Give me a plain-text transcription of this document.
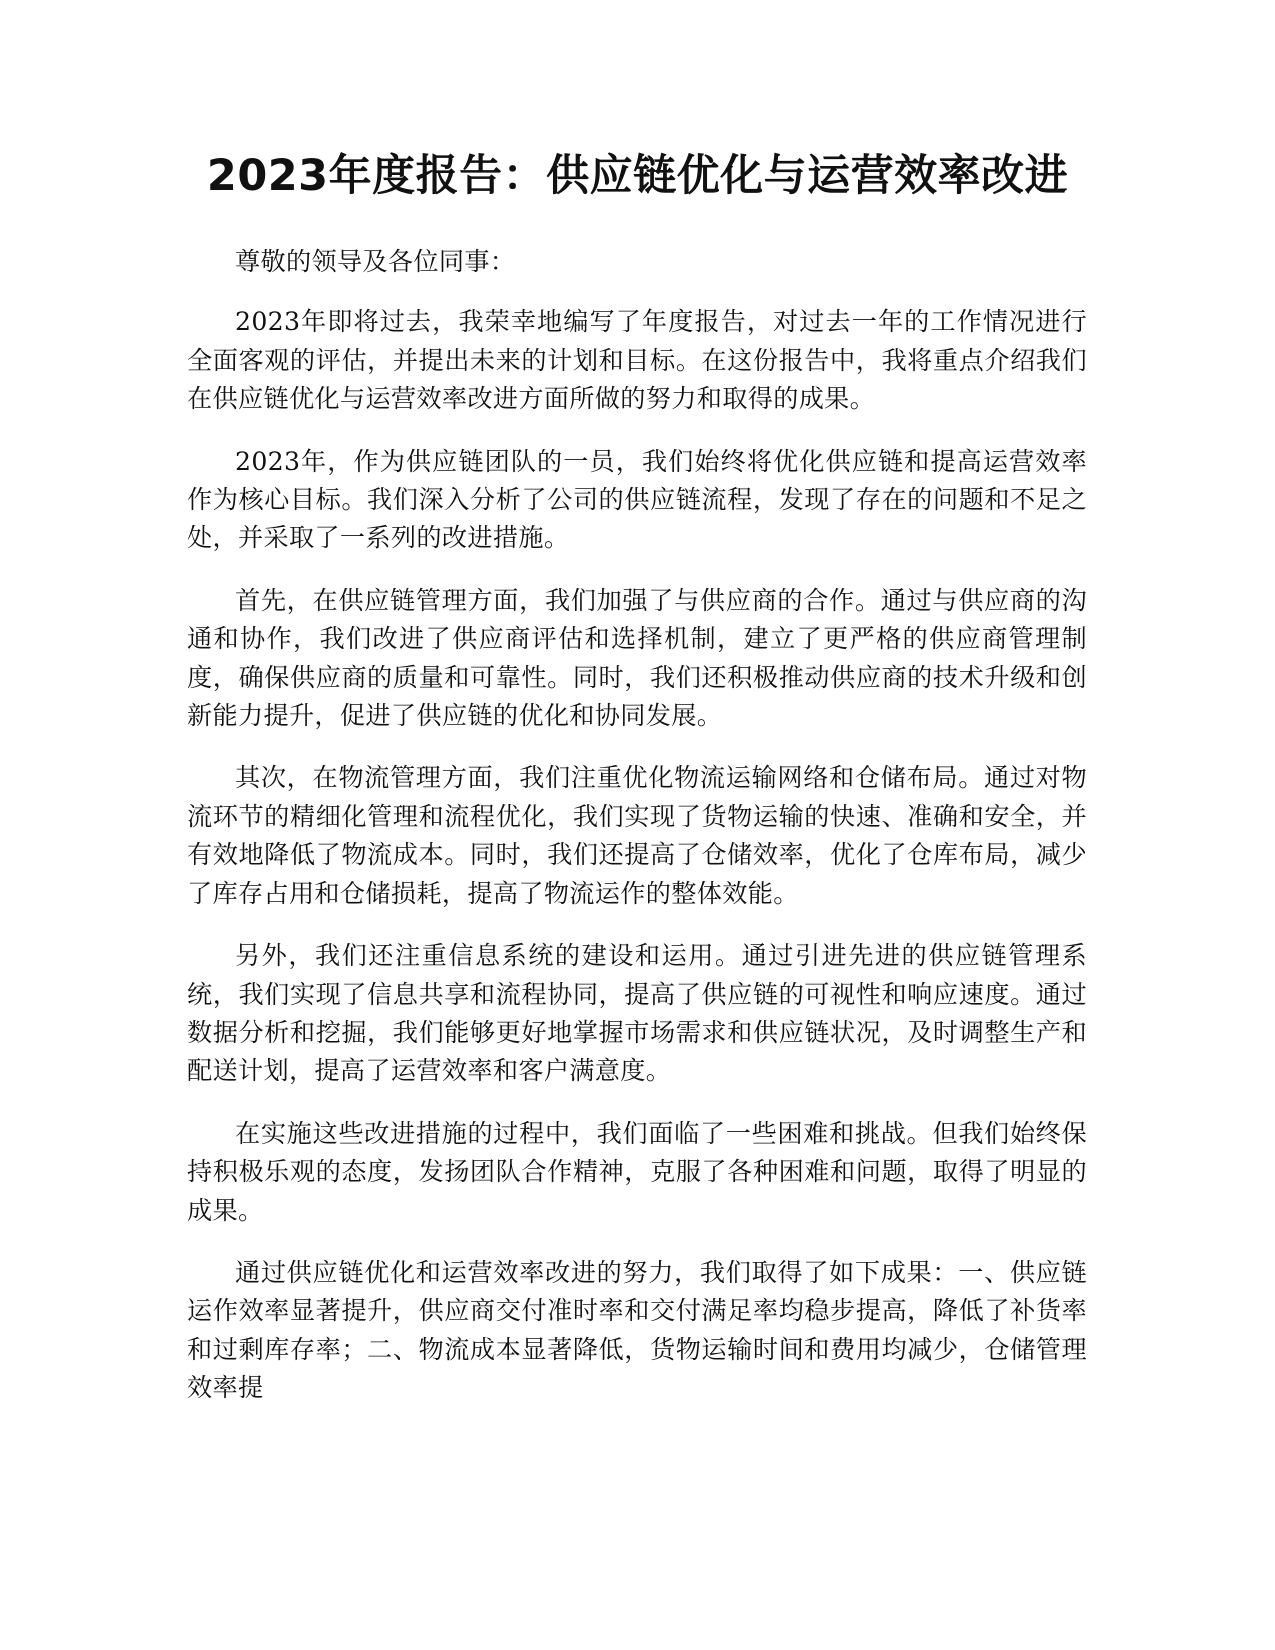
2023年度报告：供应链优化与运营效率改进

尊敬的领导及各位同事：

2023年即将过去，我荣幸地编写了年度报告，对过去一年的工作情况进行全面客观的评估，并提出未来的计划和目标。在这份报告中，我将重点介绍我们在供应链优化与运营效率改进方面所做的努力和取得的成果。

2023年，作为供应链团队的一员，我们始终将优化供应链和提高运营效率作为核心目标。我们深入分析了公司的供应链流程，发现了存在的问题和不足之处，并采取了一系列的改进措施。

首先，在供应链管理方面，我们加强了与供应商的合作。通过与供应商的沟通和协作，我们改进了供应商评估和选择机制，建立了更严格的供应商管理制度，确保供应商的质量和可靠性。同时，我们还积极推动供应商的技术升级和创新能力提升，促进了供应链的优化和协同发展。

其次，在物流管理方面，我们注重优化物流运输网络和仓储布局。通过对物流环节的精细化管理和流程优化，我们实现了货物运输的快速、准确和安全，并有效地降低了物流成本。同时，我们还提高了仓储效率，优化了仓库布局，减少了库存占用和仓储损耗，提高了物流运作的整体效能。

另外，我们还注重信息系统的建设和运用。通过引进先进的供应链管理系统，我们实现了信息共享和流程协同，提高了供应链的可视性和响应速度。通过数据分析和挖掘，我们能够更好地掌握市场需求和供应链状况，及时调整生产和配送计划，提高了运营效率和客户满意度。

在实施这些改进措施的过程中，我们面临了一些困难和挑战。但我们始终保持积极乐观的态度，发扬团队合作精神，克服了各种困难和问题，取得了明显的成果。

通过供应链优化和运营效率改进的努力，我们取得了如下成果：一、供应链运作效率显著提升，供应商交付准时率和交付满足率均稳步提高，降低了补货率和过剩库存率；二、物流成本显著降低，货物运输时间和费用均减少，仓储管理效率提
